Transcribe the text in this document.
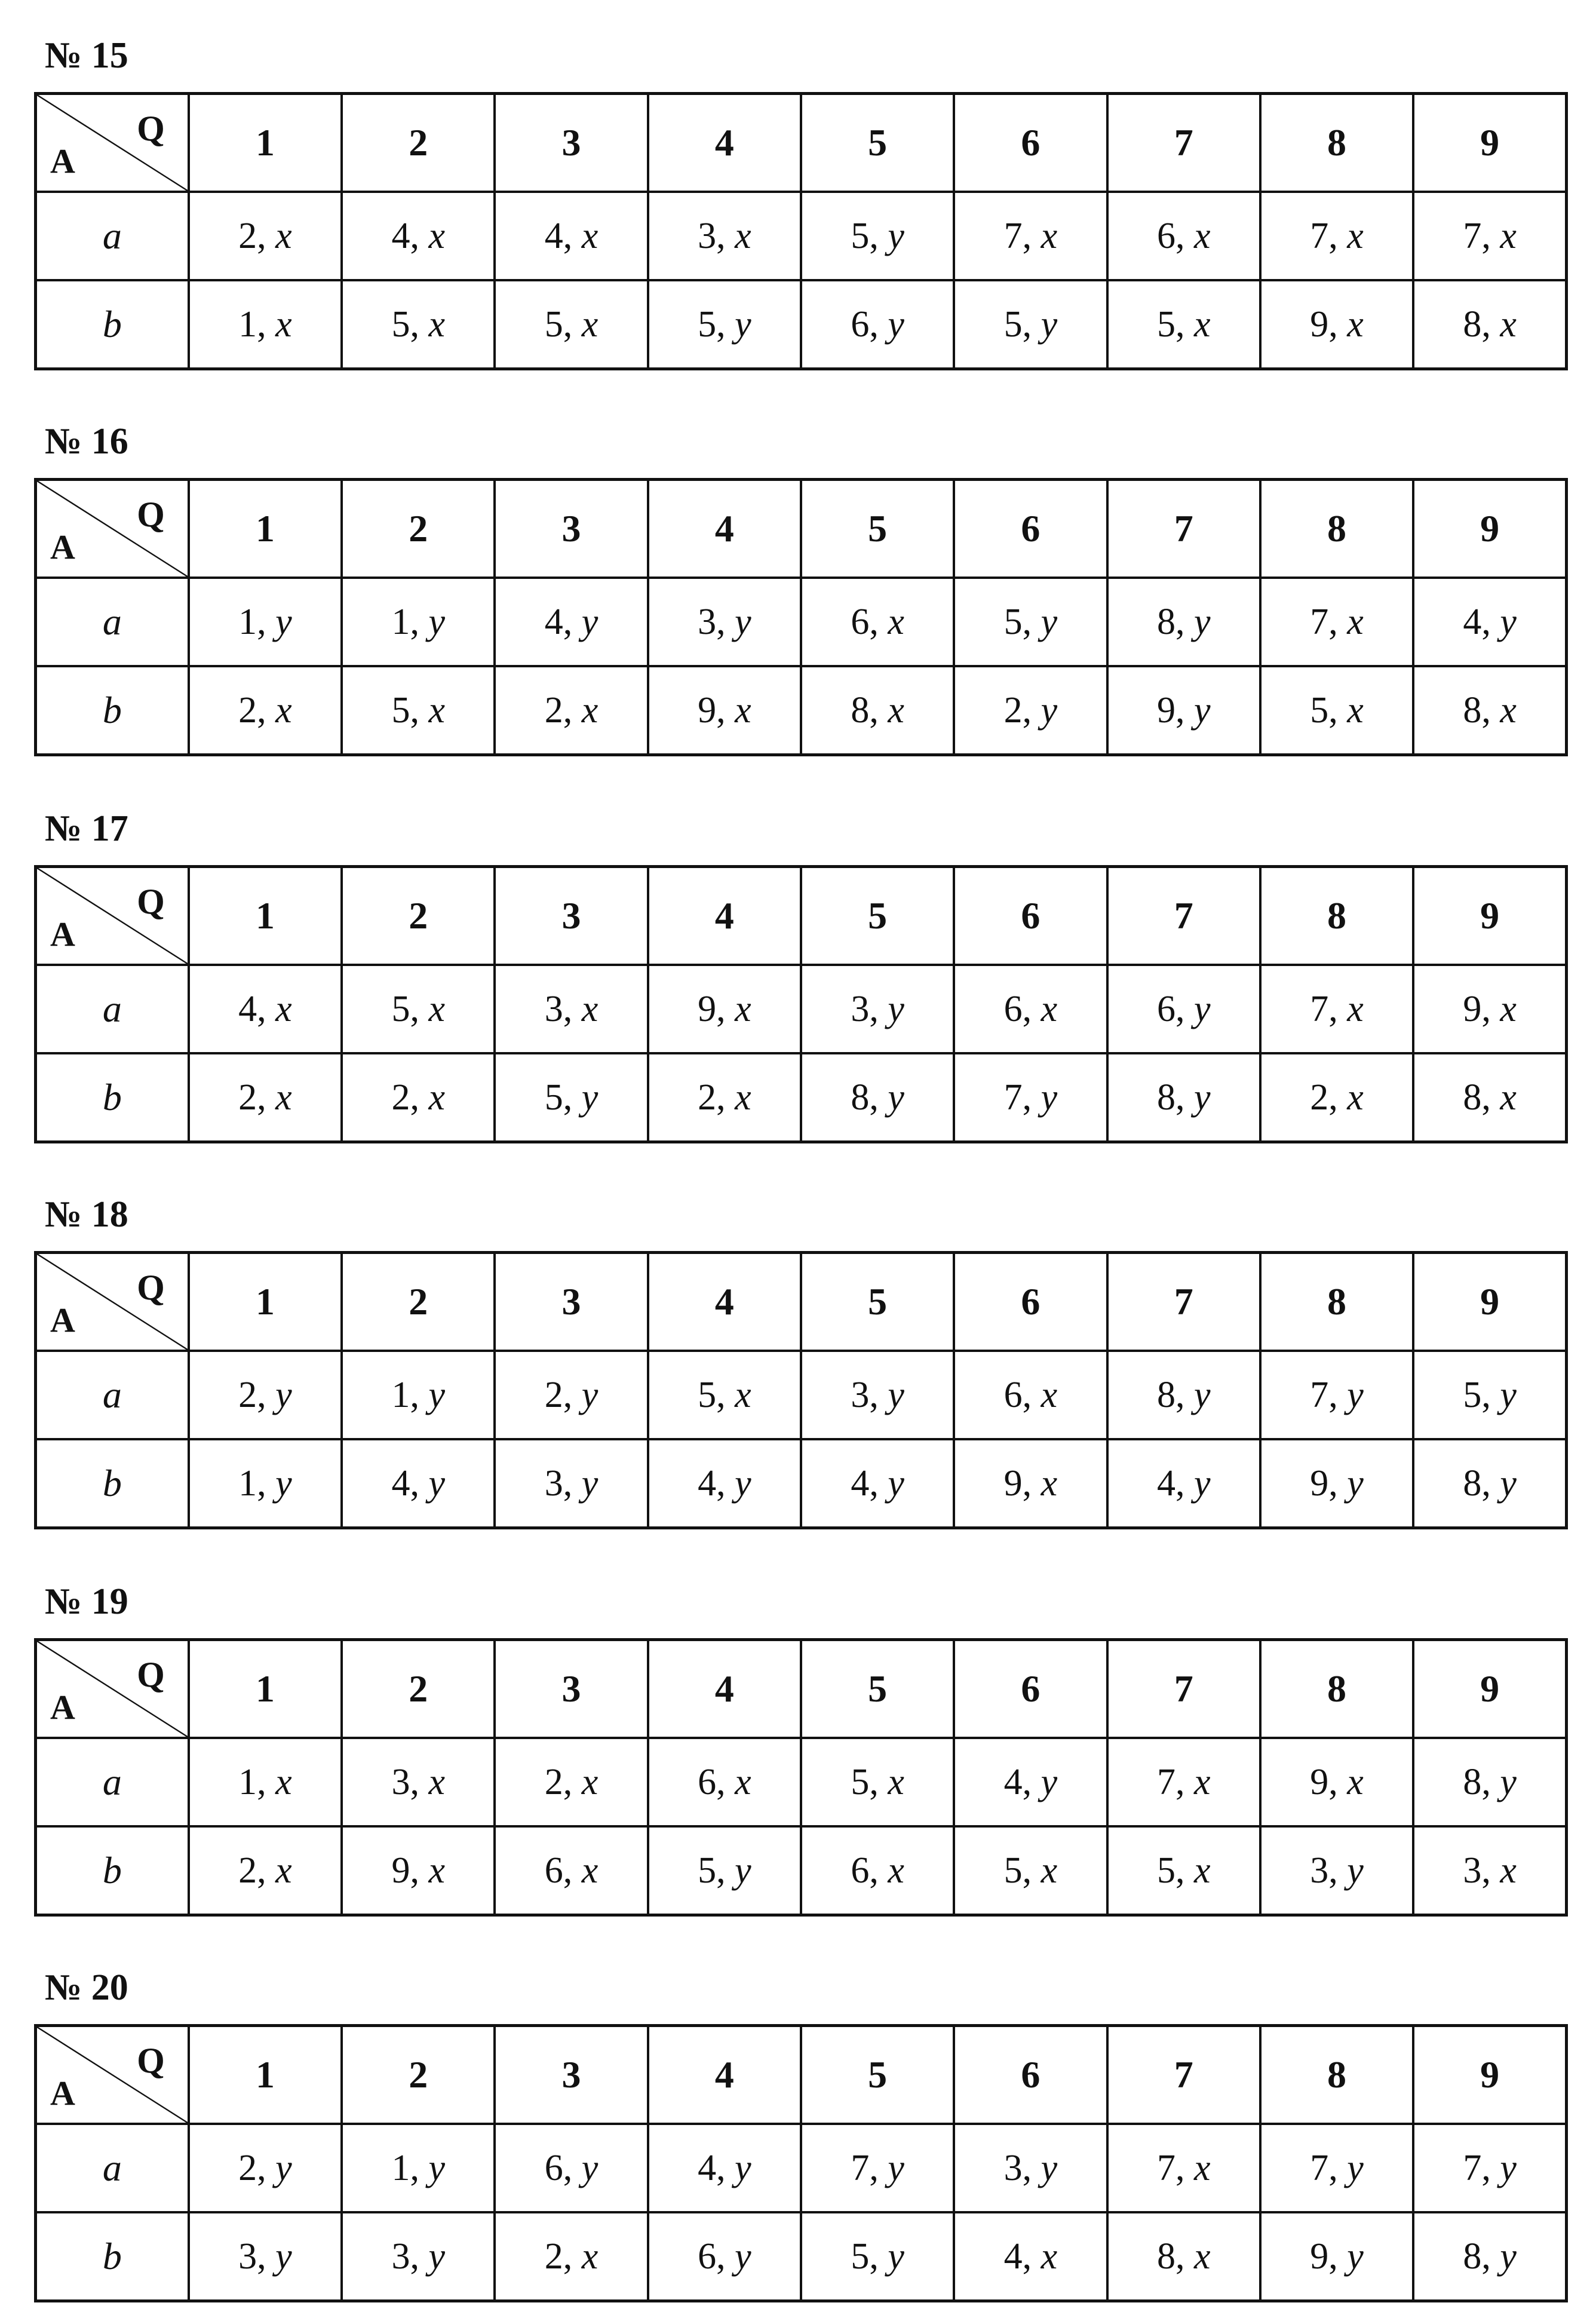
№ 15
Q
A	1	2	3	4	5	6	7	8	9
a	2, x	4, x	4, x	3, x	5, y	7, x	6, x	7, x	7, x
b	1, x	5, x	5, x	5, y	6, y	5, y	5, x	9, x	8, x
№ 16
Q
A	1	2	3	4	5	6	7	8	9
a	1, y	1, y	4, y	3, y	6, x	5, y	8, y	7, x	4, y
b	2, x	5, x	2, x	9, x	8, x	2, y	9, y	5, x	8, x
№ 17
Q
A	1	2	3	4	5	6	7	8	9
a	4, x	5, x	3, x	9, x	3, y	6, x	6, y	7, x	9, x
b	2, x	2, x	5, y	2, x	8, y	7, y	8, y	2, x	8, x
№ 18
Q
A	1	2	3	4	5	6	7	8	9
a	2, y	1, y	2, y	5, x	3, y	6, x	8, y	7, y	5, y
b	1, y	4, y	3, y	4, y	4, y	9, x	4, y	9, y	8, y
№ 19
Q
A	1	2	3	4	5	6	7	8	9
a	1, x	3, x	2, x	6, x	5, x	4, y	7, x	9, x	8, y
b	2, x	9, x	6, x	5, y	6, x	5, x	5, x	3, y	3, x
№ 20
Q
A	1	2	3	4	5	6	7	8	9
a	2, y	1, y	6, y	4, y	7, y	3, y	7, x	7, y	7, y
b	3, y	3, y	2, x	6, y	5, y	4, x	8, x	9, y	8, y
